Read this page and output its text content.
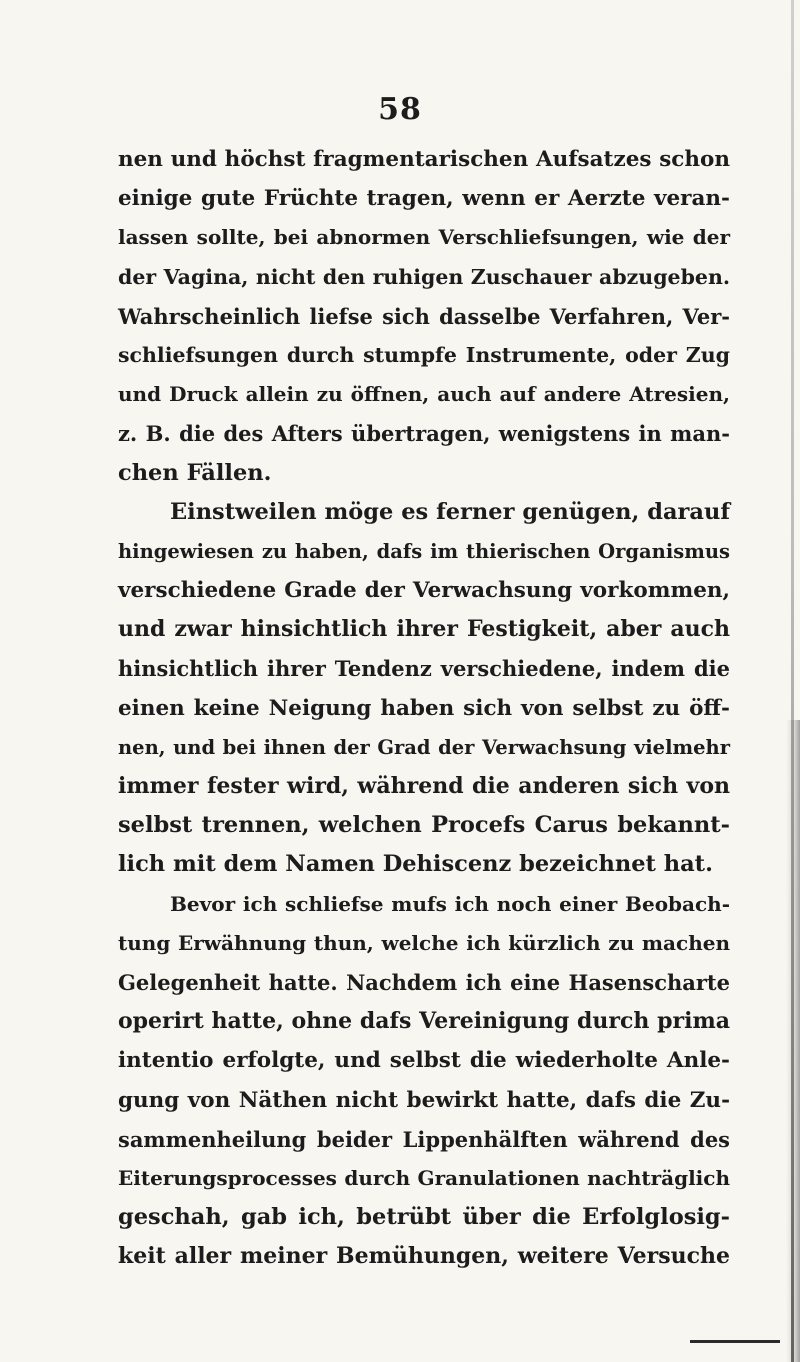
58
nen und höchst fragmentarischen Aufsatzes schon
einige gute Früchte tragen, wenn er Aerzte veran-
lassen sollte, bei abnormen Verschliefsungen, wie der
der Vagina, nicht den ruhigen Zuschauer abzugeben.
Wahrscheinlich liefse sich dasselbe Verfahren, Ver-
schliefsungen durch stumpfe Instrumente, oder Zug
und Druck allein zu öffnen, auch auf andere Atresien,
z. B. die des Afters übertragen, wenigstens in man-
chen Fällen.
Einstweilen möge es ferner genügen, darauf
hingewiesen zu haben, dafs im thierischen Organismus
verschiedene Grade der Verwachsung vorkommen,
und zwar hinsichtlich ihrer Festigkeit, aber auch
hinsichtlich ihrer Tendenz verschiedene, indem die
einen keine Neigung haben sich von selbst zu öff-
nen, und bei ihnen der Grad der Verwachsung vielmehr
immer fester wird, während die anderen sich von
selbst trennen, welchen Procefs Carus bekannt-
lich mit dem Namen Dehiscenz bezeichnet hat.
Bevor ich schliefse mufs ich noch einer Beobach-
tung Erwähnung thun, welche ich kürzlich zu machen
Gelegenheit hatte. Nachdem ich eine Hasenscharte
operirt hatte, ohne dafs Vereinigung durch prima
intentio erfolgte, und selbst die wiederholte Anle-
gung von Näthen nicht bewirkt hatte, dafs die Zu-
sammenheilung beider Lippenhälften während des
Eiterungsprocesses durch Granulationen nachträglich
geschah, gab ich, betrübt über die Erfolglosig-
keit aller meiner Bemühungen, weitere Versuche
